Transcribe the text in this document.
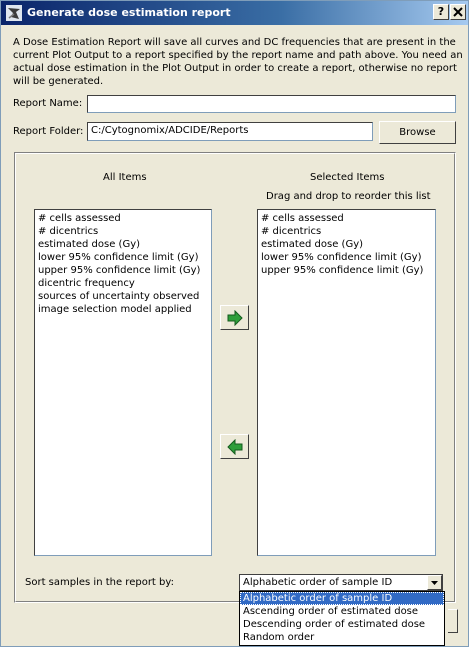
Generate dose estimation report	?
A Dose Estimation Report will save all curves and DC frequencies that are present in the current Plot Output to a report specified by the report name and path above. You need an actual dose estimation in the Plot Output in order to create a report, otherwise no report will be generated.
Report Name:
Report Folder: C:/Cytognomix/ADCIDE/Reports	Browse
All Items	Selected Items
Drag and drop to reorder this list
# cells assessed
# dicentrics
estimated dose (Gy)
lower 95% confidence limit (Gy)
upper 95% confidence limit (Gy)
dicentric frequency
sources of uncertainty observed
image selection model applied
# cells assessed
# dicentrics
estimated dose (Gy)
lower 95% confidence limit (Gy)
upper 95% confidence limit (Gy)
Sort samples in the report by:	Alphabetic order of sample ID
Alphabetic order of sample ID
Ascending order of estimated dose
Descending order of estimated dose
Random order
